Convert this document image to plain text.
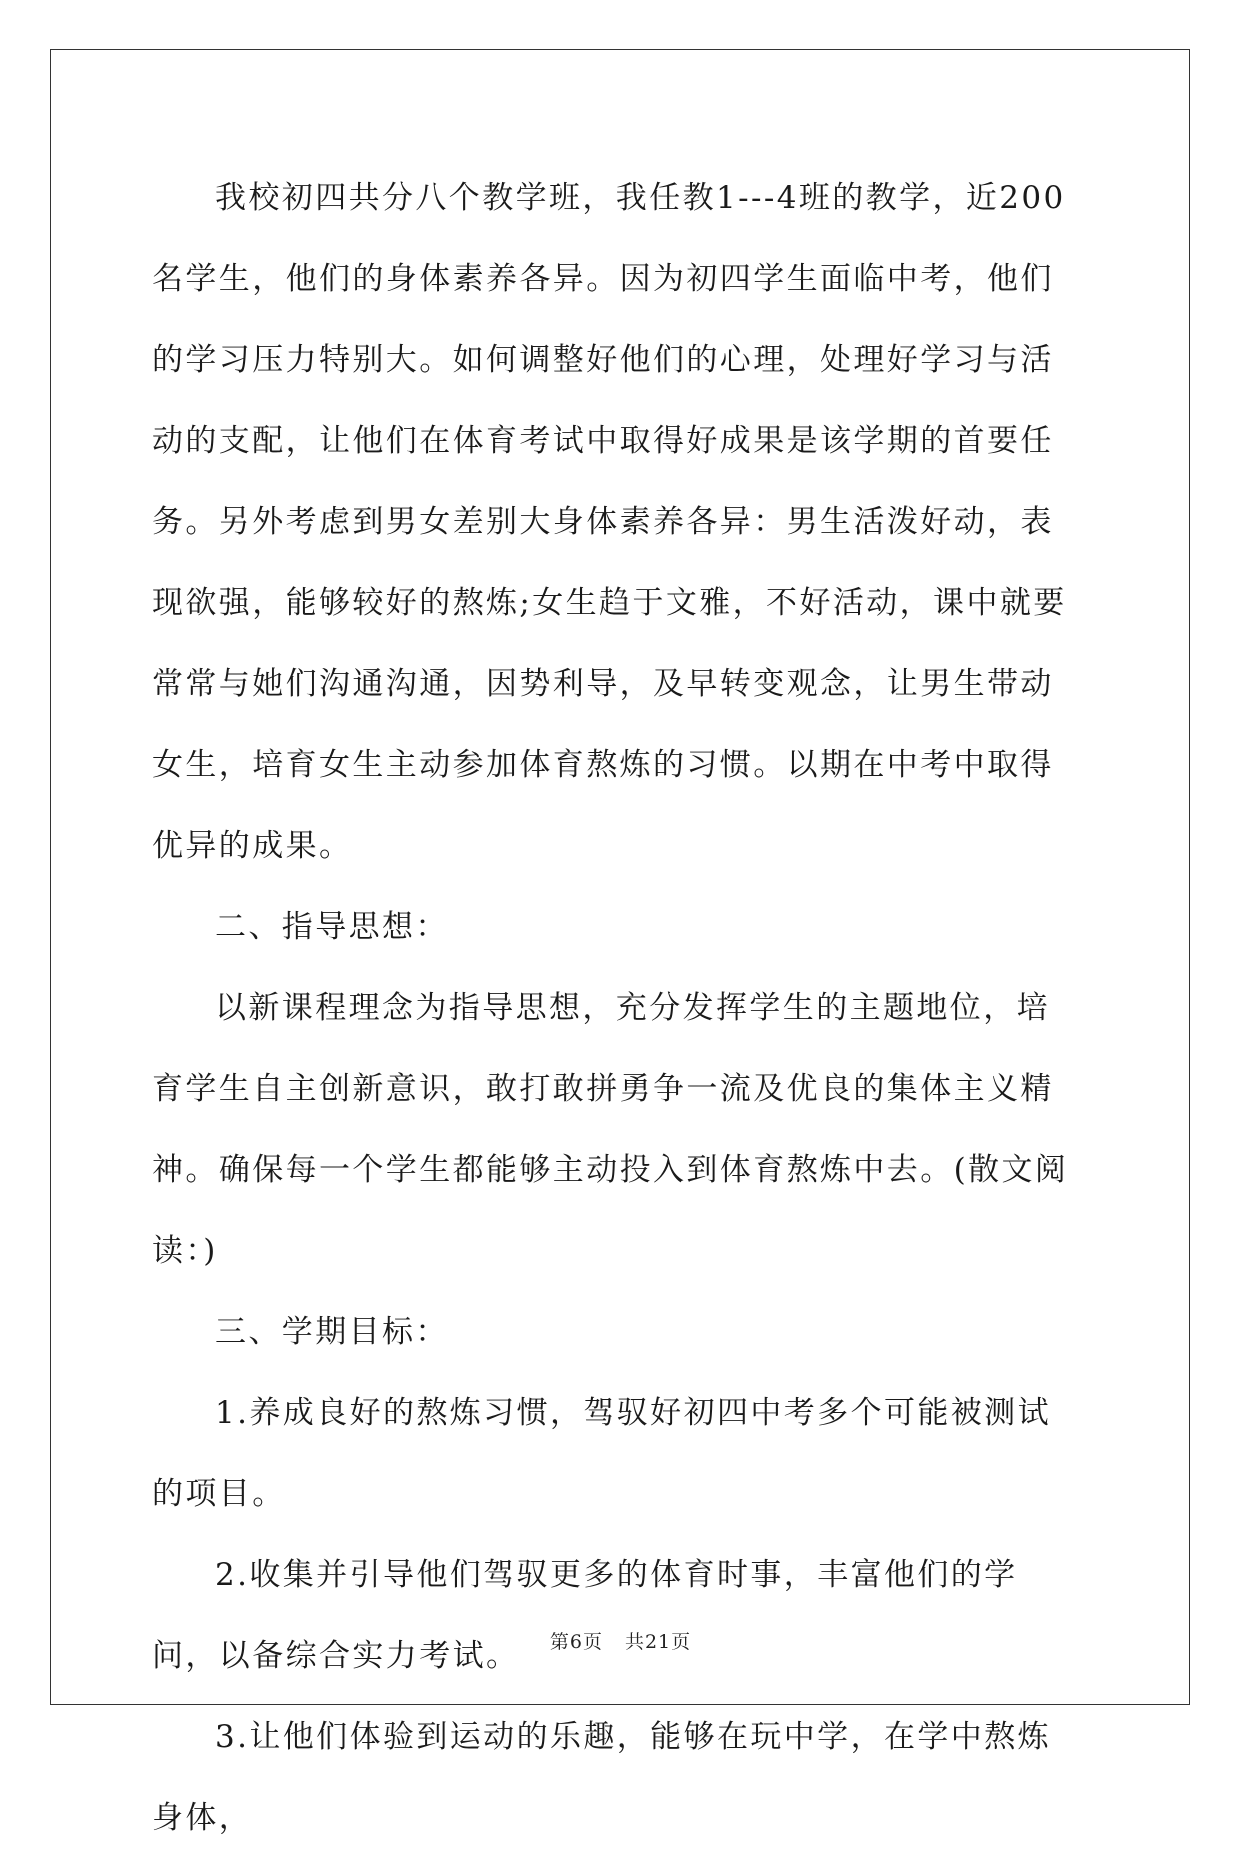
我校初四共分八个教学班，我任教1---4班的教学，近200名学生，他们的身体素养各异。因为初四学生面临中考，他们的学习压力特别大。如何调整好他们的心理，处理好学习与活动的支配，让他们在体育考试中取得好成果是该学期的首要任务。另外考虑到男女差别大身体素养各异：男生活泼好动，表现欲强，能够较好的熬炼;女生趋于文雅，不好活动，课中就要常常与她们沟通沟通，因势利导，及早转变观念，让男生带动女生，培育女生主动参加体育熬炼的习惯。以期在中考中取得优异的成果。

二、指导思想：

以新课程理念为指导思想，充分发挥学生的主题地位，培育学生自主创新意识，敢打敢拼勇争一流及优良的集体主义精神。确保每一个学生都能够主动投入到体育熬炼中去。(散文阅读：)

三、学期目标：

1.养成良好的熬炼习惯，驾驭好初四中考多个可能被测试的项目。

2.收集并引导他们驾驭更多的体育时事，丰富他们的学问，以备综合实力考试。

3.让他们体验到运动的乐趣，能够在玩中学，在学中熬炼身体，

第6页 共21页
